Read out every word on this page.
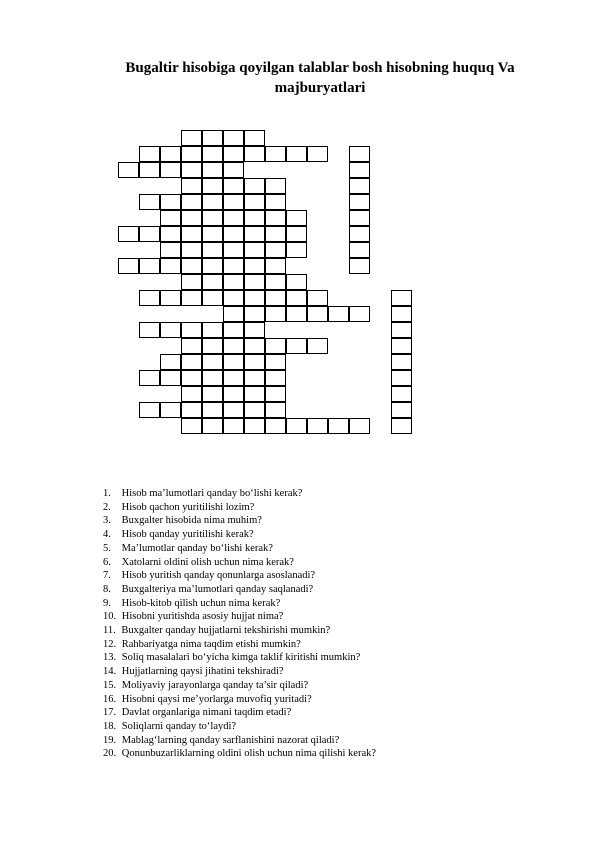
Bugaltir hisobiga qoyilgan talablar bosh hisobning huquq Va majburyatlari
1. Hisob ma’lumotlari qanday bo‘lishi kerak?
2. Hisob qachon yuritilishi lozim?
3. Buxgalter hisobida nima muhim?
4. Hisob qanday yuritilishi kerak?
5. Ma’lumotlar qanday bo‘lishi kerak?
6. Xatolarni oldini olish uchun nima kerak?
7. Hisob yuritish qanday qonunlarga asoslanadi?
8. Buxgalteriya ma’lumotlari qanday saqlanadi?
9. Hisob-kitob qilish uchun nima kerak?
10. Hisobni yuritishda asosiy hujjat nima?
11. Buxgalter qanday hujjatlarni tekshirishi mumkin?
12. Rahbariyatga nima taqdim etishi mumkin?
13. Soliq masalalari bo‘yicha kimga taklif kiritishi mumkin?
14. Hujjatlarning qaysi jihatini tekshiradi?
15. Moliyaviy jarayonlarga qanday ta’sir qiladi?
16. Hisobni qaysi me’yorlarga muvofiq yuritadi?
17. Davlat organlariga nimani taqdim etadi?
18. Soliqlarni qanday to‘laydi?
19. Mablag‘larning qanday sarflanishini nazorat qiladi?
20. Qonunbuzarliklarning oldini olish uchun nima qilishi kerak?
